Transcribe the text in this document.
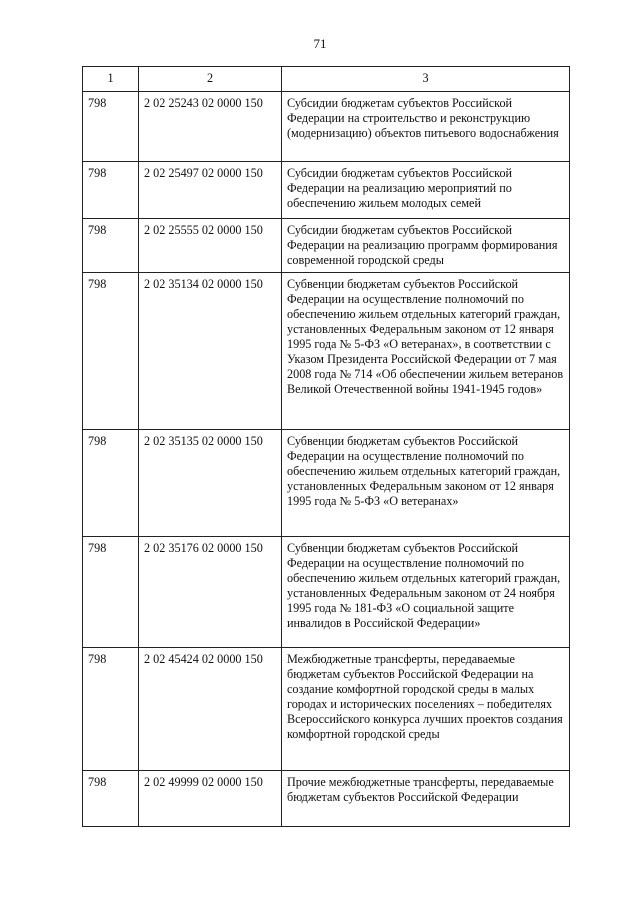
71
1	2	3
798	2 02 25243 02 0000 150	Субсидии бюджетам субъектов Российской Федерации на строительство и реконструкцию (модернизацию) объектов питьевого водоснабжения
798	2 02 25497 02 0000 150	Субсидии бюджетам субъектов Российской Федерации на реализацию мероприятий по обеспечению жильем молодых семей
798	2 02 25555 02 0000 150	Субсидии бюджетам субъектов Российской Федерации на реализацию программ формирования современной городской среды
798	2 02 35134 02 0000 150	Субвенции бюджетам субъектов Российской Федерации на осуществление полномочий по обеспечению жильем отдельных категорий граждан, установленных Федеральным законом от 12 января 1995 года № 5-ФЗ «О ветеранах», в соответствии с Указом Президента Российской Федерации от 7 мая 2008 года № 714 «Об обеспечении жильем ветеранов Великой Отечественной войны 1941-1945 годов»
798	2 02 35135 02 0000 150	Субвенции бюджетам субъектов Российской Федерации на осуществление полномочий по обеспечению жильем отдельных категорий граждан, установленных Федеральным законом от 12 января 1995 года № 5-ФЗ «О ветеранах»
798	2 02 35176 02 0000 150	Субвенции бюджетам субъектов Российской Федерации на осуществление полномочий по обеспечению жильем отдельных категорий граждан, установленных Федеральным законом от 24 ноября 1995 года № 181-ФЗ «О социальной защите инвалидов в Российской Федерации»
798	2 02 45424 02 0000 150	Межбюджетные трансферты, передаваемые бюджетам субъектов Российской Федерации на создание комфортной городской среды в малых городах и исторических поселениях – победителях Всероссийского конкурса лучших проектов создания комфортной городской среды
798	2 02 49999 02 0000 150	Прочие межбюджетные трансферты, передаваемые бюджетам субъектов Российской Федерации
